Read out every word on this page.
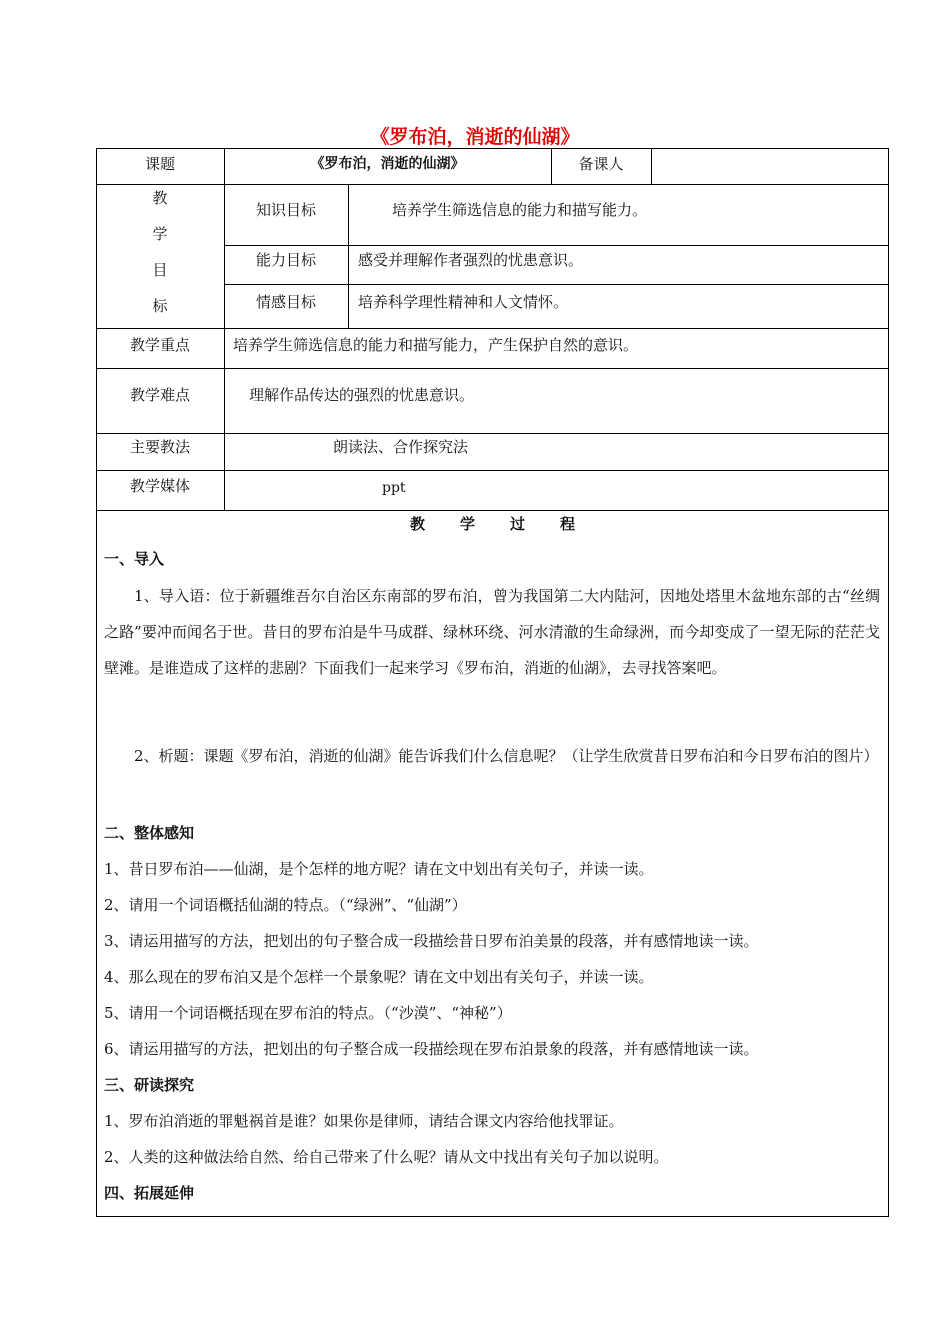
《罗布泊，消逝的仙湖》
课题	《罗布泊，消逝的仙湖》	备课人
教
学
目
标
知识目标	培养学生筛选信息的能力和描写能力。
能力目标	感受并理解作者强烈的忧患意识。
情感目标	培养科学理性精神和人文情怀。
教学重点	培养学生筛选信息的能力和描写能力，产生保护自然的意识。
教学难点	理解作品传达的强烈的忧患意识。
主要教法	朗读法、合作探究法
教学媒体	ppt
教 学 过 程
一、导入
1、导入语：位于新疆维吾尔自治区东南部的罗布泊，曾为我国第二大内陆河，因地处塔里木盆地东部的古“丝绸之路”要冲而闻名于世。昔日的罗布泊是牛马成群、绿林环绕、河水清澈的生命绿洲，而今却变成了一望无际的茫茫戈壁滩。是谁造成了这样的悲剧？下面我们一起来学习《罗布泊，消逝的仙湖》，去寻找答案吧。
2、析题：课题《罗布泊，消逝的仙湖》能告诉我们什么信息呢？（让学生欣赏昔日罗布泊和今日罗布泊的图片）
二、整体感知
1、昔日罗布泊——仙湖，是个怎样的地方呢？请在文中划出有关句子，并读一读。
2、请用一个词语概括仙湖的特点。（“绿洲”、“仙湖”）
3、请运用描写的方法，把划出的句子整合成一段描绘昔日罗布泊美景的段落，并有感情地读一读。
4、那么现在的罗布泊又是个怎样一个景象呢？请在文中划出有关句子，并读一读。
5、请用一个词语概括现在罗布泊的特点。（“沙漠”、“神秘”）
6、请运用描写的方法，把划出的句子整合成一段描绘现在罗布泊景象的段落，并有感情地读一读。
三、研读探究
1、罗布泊消逝的罪魁祸首是谁？如果你是律师，请结合课文内容给他找罪证。
2、人类的这种做法给自然、给自己带来了什么呢？请从文中找出有关句子加以说明。
四、拓展延伸
